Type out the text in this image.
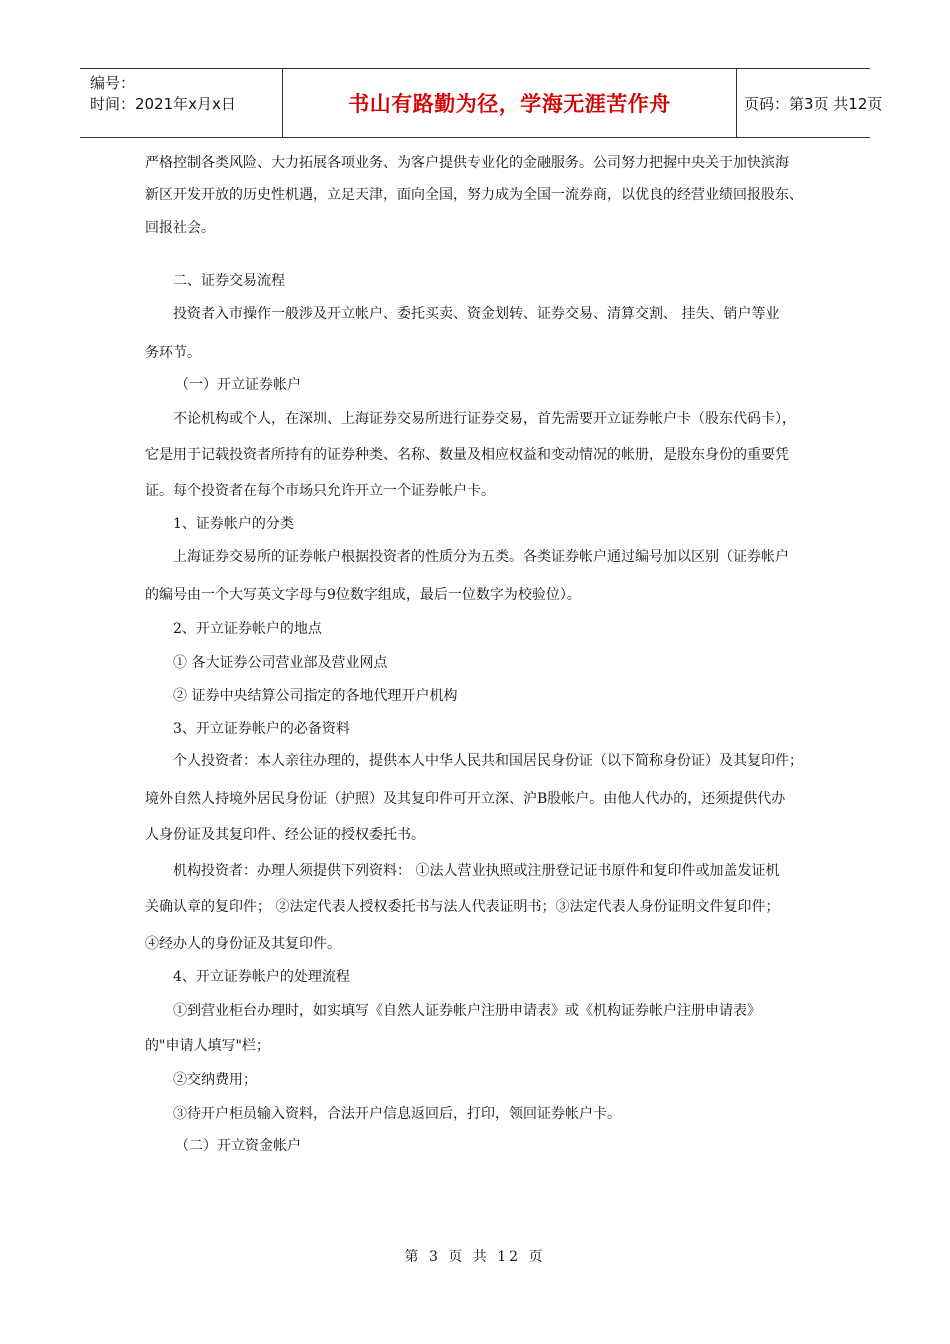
编号：
时间：2021年x月x日	书山有路勤为径，学海无涯苦作舟	页码：第3页 共12页
严格控制各类风险、大力拓展各项业务、为客户提供专业化的金融服务。公司努力把握中央关于加快滨海
新区开发开放的历史性机遇，立足天津，面向全国，努力成为全国一流券商，以优良的经营业绩回报股东、
回报社会。
二、证券交易流程
投资者入市操作一般涉及开立帐户、委托买卖、资金划转、证券交易、清算交割、 挂失、销户等业
务环节。
（一）开立证券帐户
不论机构或个人，在深圳、上海证券交易所进行证券交易，首先需要开立证券帐户卡（股东代码卡），
它是用于记载投资者所持有的证券种类、名称、数量及相应权益和变动情况的帐册，是股东身份的重要凭
证。每个投资者在每个市场只允许开立一个证券帐户卡。
1、证券帐户的分类
上海证券交易所的证券帐户根据投资者的性质分为五类。各类证券帐户通过编号加以区别（证券帐户
的编号由一个大写英文字母与9位数字组成，最后一位数字为校验位）。
2、开立证券帐户的地点
① 各大证券公司营业部及营业网点
② 证券中央结算公司指定的各地代理开户机构
3、开立证券帐户的必备资料
个人投资者：本人亲往办理的，提供本人中华人民共和国居民身份证（以下简称身份证）及其复印件；
境外自然人持境外居民身份证（护照）及其复印件可开立深、沪B股帐户。由他人代办的，还须提供代办
人身份证及其复印件、经公证的授权委托书。
机构投资者：办理人须提供下列资料： ①法人营业执照或注册登记证书原件和复印件或加盖发证机
关确认章的复印件； ②法定代表人授权委托书与法人代表证明书；③法定代表人身份证明文件复印件；
④经办人的身份证及其复印件。
4、开立证券帐户的处理流程
①到营业柜台办理时，如实填写《自然人证券帐户注册申请表》或《机构证券帐户注册申请表》
的"申请人填写"栏；
②交纳费用；
③待开户柜员输入资料，合法开户信息返回后，打印，领回证券帐户卡。
（二）开立资金帐户
第 3 页 共 12 页
